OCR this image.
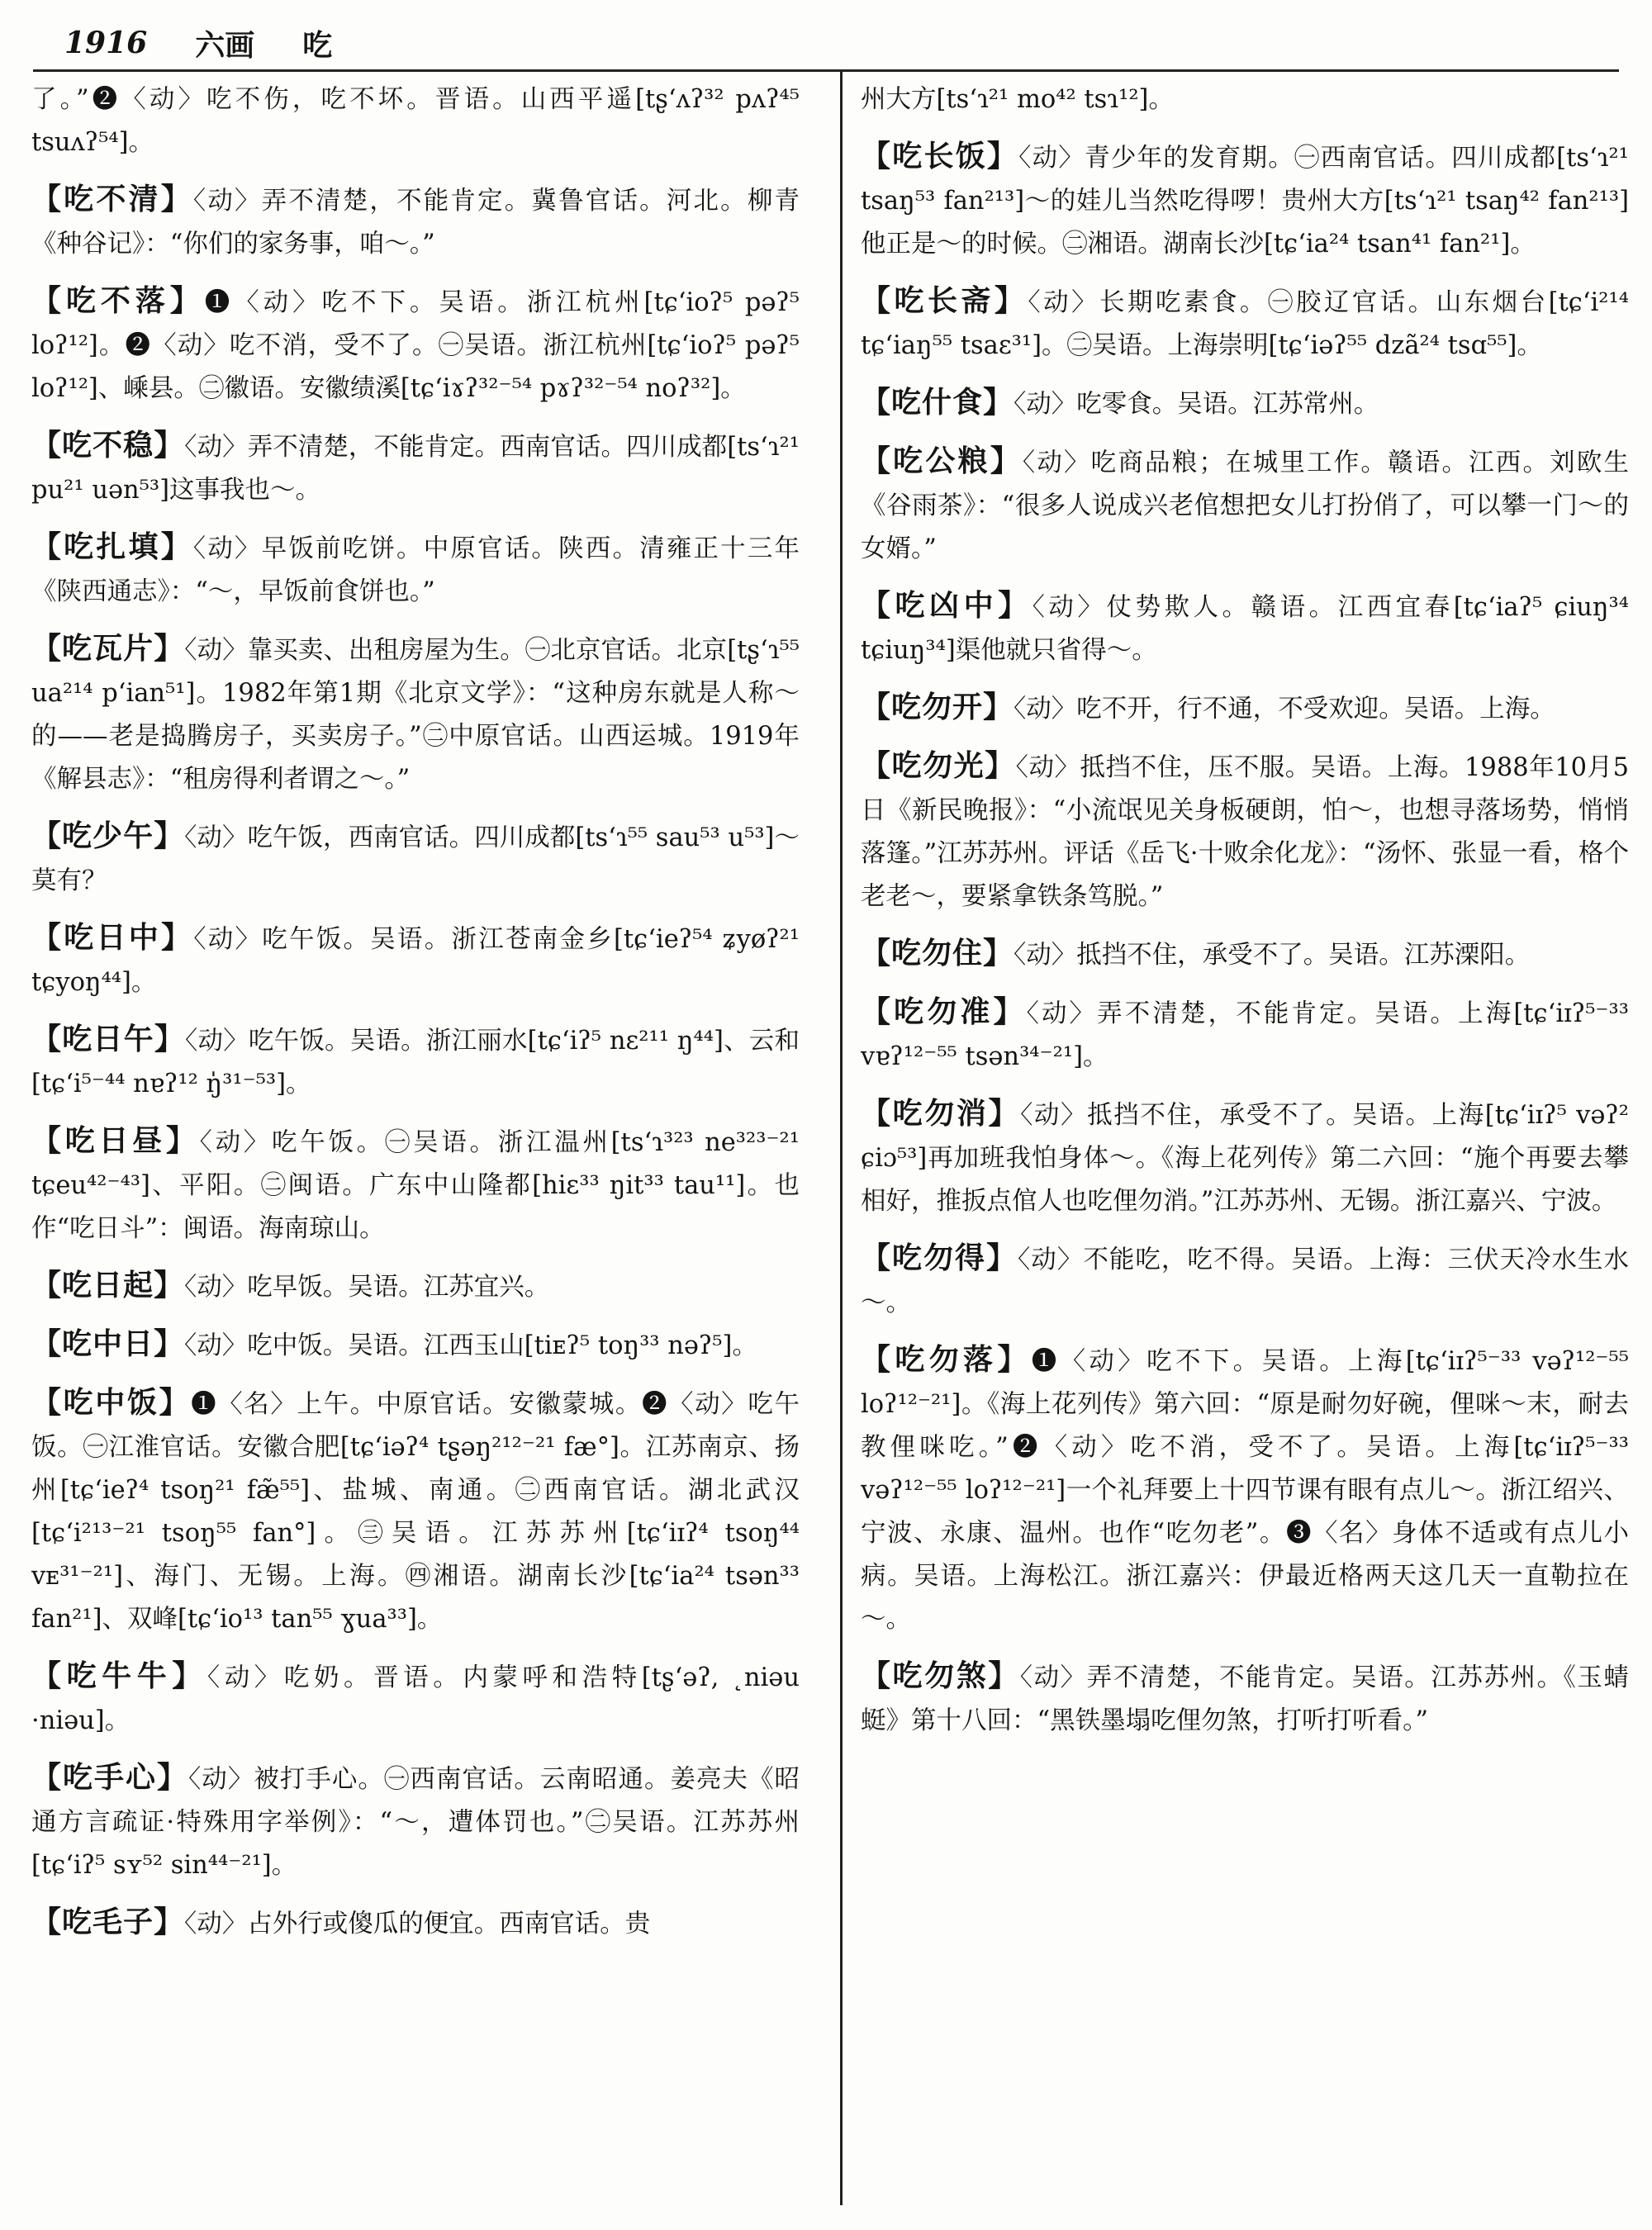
1916 六画 吃
了。”❷〈动〉吃不伤，吃不坏。晋语。山西平遥[tʂʻʌʔ³² pʌʔ⁴⁵ tsuʌʔ⁵⁴]。
【吃不清】〈动〉弄不清楚，不能肯定。冀鲁官话。河北。柳青《种谷记》：“你们的家务事，咱～。”
【吃不落】❶〈动〉吃不下。吴语。浙江杭州[tɕʻioʔ⁵ pəʔ⁵ loʔ¹²]。❷〈动〉吃不消，受不了。㊀吴语。浙江杭州[tɕʻioʔ⁵ pəʔ⁵ loʔ¹²]、嵊县。㊁徽语。安徽绩溪[tɕʻiɤʔ³²⁻⁵⁴ pɤʔ³²⁻⁵⁴ noʔ³²]。
【吃不稳】〈动〉弄不清楚，不能肯定。西南官话。四川成都[tsʻɿ²¹ pu²¹ uən⁵³]这事我也～。
【吃扎填】〈动〉早饭前吃饼。中原官话。陕西。清雍正十三年《陕西通志》：“～，早饭前食饼也。”
【吃瓦片】〈动〉靠买卖、出租房屋为生。㊀北京官话。北京[tʂʻɿ⁵⁵ ua²¹⁴ pʻian⁵¹]。1982年第1期《北京文学》：“这种房东就是人称～的——老是捣腾房子，买卖房子。”㊁中原官话。山西运城。1919年《解县志》：“租房得利者谓之～。”
【吃少午】〈动〉吃午饭，西南官话。四川成都[tsʻɿ⁵⁵ sau⁵³ u⁵³]～莫有？
【吃日中】〈动〉吃午饭。吴语。浙江苍南金乡[tɕʻieʔ⁵⁴ ʑyøʔ²¹ tɕyoŋ⁴⁴]。
【吃日午】〈动〉吃午饭。吴语。浙江丽水[tɕʻiʔ⁵ nɛ²¹¹ ŋ⁴⁴]、云和[tɕʻi⁵⁻⁴⁴ nɐʔ¹² ŋ̍³¹⁻⁵³]。
【吃日昼】〈动〉吃午饭。㊀吴语。浙江温州[tsʻɿ³²³ ne³²³⁻²¹ tɕeu⁴²⁻⁴³]、平阳。㊁闽语。广东中山隆都[hiɛ³³ ŋit³³ tau¹¹]。也作“吃日斗”：闽语。海南琼山。
【吃日起】〈动〉吃早饭。吴语。江苏宜兴。
【吃中日】〈动〉吃中饭。吴语。江西玉山[tiᴇʔ⁵ toŋ³³ nəʔ⁵]。
【吃中饭】❶〈名〉上午。中原官话。安徽蒙城。❷〈动〉吃午饭。㊀江淮官话。安徽合肥[tɕʻiəʔ⁴ tʂəŋ²¹²⁻²¹ fæ°]。江苏南京、扬州[tɕʻieʔ⁴ tsoŋ²¹ fæ̃⁵⁵]、盐城、南通。㊁西南官话。湖北武汉[tɕʻi²¹³⁻²¹ tsoŋ⁵⁵ fan°]。㊂吴语。江苏苏州[tɕʻiɪʔ⁴ tsoŋ⁴⁴ vᴇ³¹⁻²¹]、海门、无锡。上海。㊃湘语。湖南长沙[tɕʻia²⁴ tsən³³ fan²¹]、双峰[tɕʻio¹³ tan⁵⁵ ɣua³³]。
【吃牛牛】〈动〉吃奶。晋语。内蒙呼和浩特[tʂʻəʔ, ˛niəu ·niəu]。
【吃手心】〈动〉被打手心。㊀西南官话。云南昭通。姜亮夫《昭通方言疏证·特殊用字举例》：“～，遭体罚也。”㊁吴语。江苏苏州[tɕʻiʔ⁵ sʏ⁵² sin⁴⁴⁻²¹]。
【吃毛子】〈动〉占外行或傻瓜的便宜。西南官话。贵
州大方[tsʻɿ²¹ mo⁴² tsɿ¹²]。
【吃长饭】〈动〉青少年的发育期。㊀西南官话。四川成都[tsʻɿ²¹ tsaŋ⁵³ fan²¹³]～的娃儿当然吃得啰！贵州大方[tsʻɿ²¹ tsaŋ⁴² fan²¹³]他正是～的时候。㊁湘语。湖南长沙[tɕʻia²⁴ tsan⁴¹ fan²¹]。
【吃长斋】〈动〉长期吃素食。㊀胶辽官话。山东烟台[tɕʻi²¹⁴ tɕʻiaŋ⁵⁵ tsaɛ³¹]。㊁吴语。上海崇明[tɕʻiəʔ⁵⁵ dzã²⁴ tsɑ⁵⁵]。
【吃什食】〈动〉吃零食。吴语。江苏常州。
【吃公粮】〈动〉吃商品粮；在城里工作。赣语。江西。刘欧生《谷雨茶》：“很多人说成兴老倌想把女儿打扮俏了，可以攀一门～的女婿。”
【吃凶中】〈动〉仗势欺人。赣语。江西宜春[tɕʻiaʔ⁵ ɕiuŋ³⁴ tɕiuŋ³⁴]渠他就只省得～。
【吃勿开】〈动〉吃不开，行不通，不受欢迎。吴语。上海。
【吃勿光】〈动〉抵挡不住，压不服。吴语。上海。1988年10月5日《新民晚报》：“小流氓见关身板硬朗，怕～，也想寻落场势，悄悄落篷。”江苏苏州。评话《岳飞·十败余化龙》：“汤怀、张显一看，格个老老～，要紧拿铁条笃脱。”
【吃勿住】〈动〉抵挡不住，承受不了。吴语。江苏溧阳。
【吃勿准】〈动〉弄不清楚，不能肯定。吴语。上海[tɕʻiɪʔ⁵⁻³³ vɐʔ¹²⁻⁵⁵ tsən³⁴⁻²¹]。
【吃勿消】〈动〉抵挡不住，承受不了。吴语。上海[tɕʻiɪʔ⁵ vəʔ² ɕiɔ⁵³]再加班我怕身体～。《海上花列传》第二六回：“施个再要去攀相好，推扳点倌人也吃俚勿消。”江苏苏州、无锡。浙江嘉兴、宁波。
【吃勿得】〈动〉不能吃，吃不得。吴语。上海：三伏天冷水生水～。
【吃勿落】❶〈动〉吃不下。吴语。上海[tɕʻiɪʔ⁵⁻³³ vəʔ¹²⁻⁵⁵ loʔ¹²⁻²¹]。《海上花列传》第六回：“原是耐勿好碗，俚咪～末，耐去教俚咪吃。”❷〈动〉吃不消，受不了。吴语。上海[tɕʻiɪʔ⁵⁻³³ vəʔ¹²⁻⁵⁵ loʔ¹²⁻²¹]一个礼拜要上十四节课有眼有点儿～。浙江绍兴、宁波、永康、温州。也作“吃勿老”。❸〈名〉身体不适或有点儿小病。吴语。上海松江。浙江嘉兴：伊最近格两天这几天一直勒拉在～。
【吃勿煞】〈动〉弄不清楚，不能肯定。吴语。江苏苏州。《玉蜻蜓》第十八回：“黑铁墨塌吃俚勿煞，打听打听看。”
